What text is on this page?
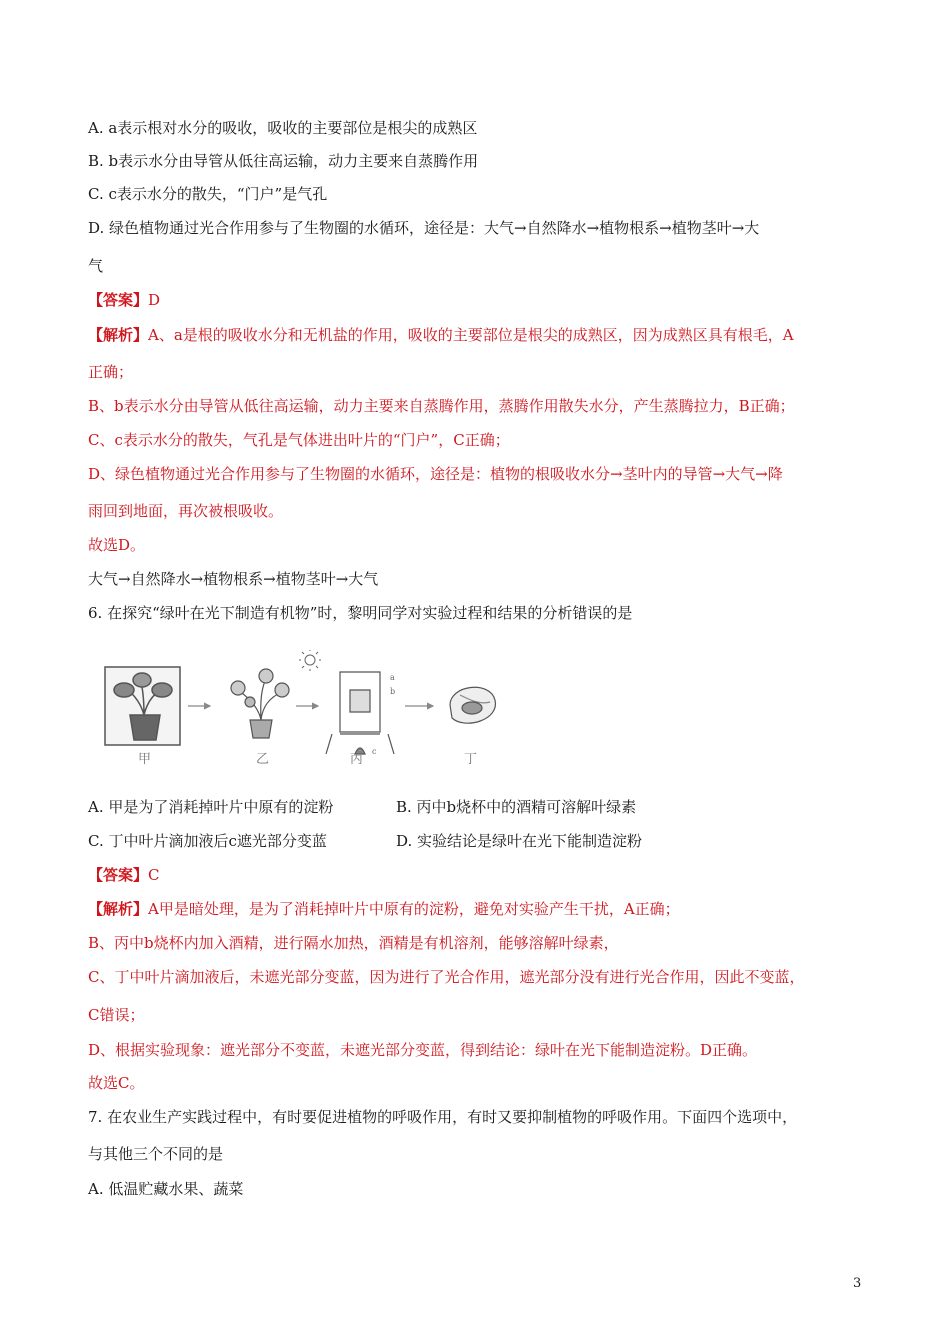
A. a表示根对水分的吸收，吸收的主要部位是根尖的成熟区
B. b表示水分由导管从低往高运输，动力主要来自蒸腾作用
C. c表示水分的散失，“门户”是气孔
D. 绿色植物通过光合作用参与了生物圈的水循环，途径是：大气→自然降水→植物根系→植物茎叶→大
气
【答案】D
【解析】A、a是根的吸收水分和无机盐的作用，吸收的主要部位是根尖的成熟区，因为成熟区具有根毛，A
正确；
B、b表示水分由导管从低往高运输，动力主要来自蒸腾作用，蒸腾作用散失水分，产生蒸腾拉力，B正确；
C、c表示水分的散失，气孔是气体进出叶片的“门户”，C正确；
D、绿色植物通过光合作用参与了生物圈的水循环，途径是：植物的根吸收水分→茎叶内的导管→大气→降
雨回到地面，再次被根吸收。
故选D。
大气→自然降水→植物根系→植物茎叶→大气
6. 在探究“绿叶在光下制造有机物”时，黎明同学对实验过程和结果的分析错误的是
a
b
c
甲	乙	丙	丁
A. 甲是为了消耗掉叶片中原有的淀粉	B. 丙中b烧杯中的酒精可溶解叶绿素
C. 丁中叶片滴加液后c遮光部分变蓝	D. 实验结论是绿叶在光下能制造淀粉
【答案】C
【解析】A甲是暗处理，是为了消耗掉叶片中原有的淀粉，避免对实验产生干扰，A正确；
B、丙中b烧杯内加入酒精，进行隔水加热，酒精是有机溶剂，能够溶解叶绿素，
C、丁中叶片滴加液后，未遮光部分变蓝，因为进行了光合作用，遮光部分没有进行光合作用，因此不变蓝，
C错误；
D、根据实验现象：遮光部分不变蓝，未遮光部分变蓝，得到结论：绿叶在光下能制造淀粉。D正确。
故选C。
7. 在农业生产实践过程中，有时要促进植物的呼吸作用，有时又要抑制植物的呼吸作用。下面四个选项中，
与其他三个不同的是
A. 低温贮藏水果、蔬菜
3
